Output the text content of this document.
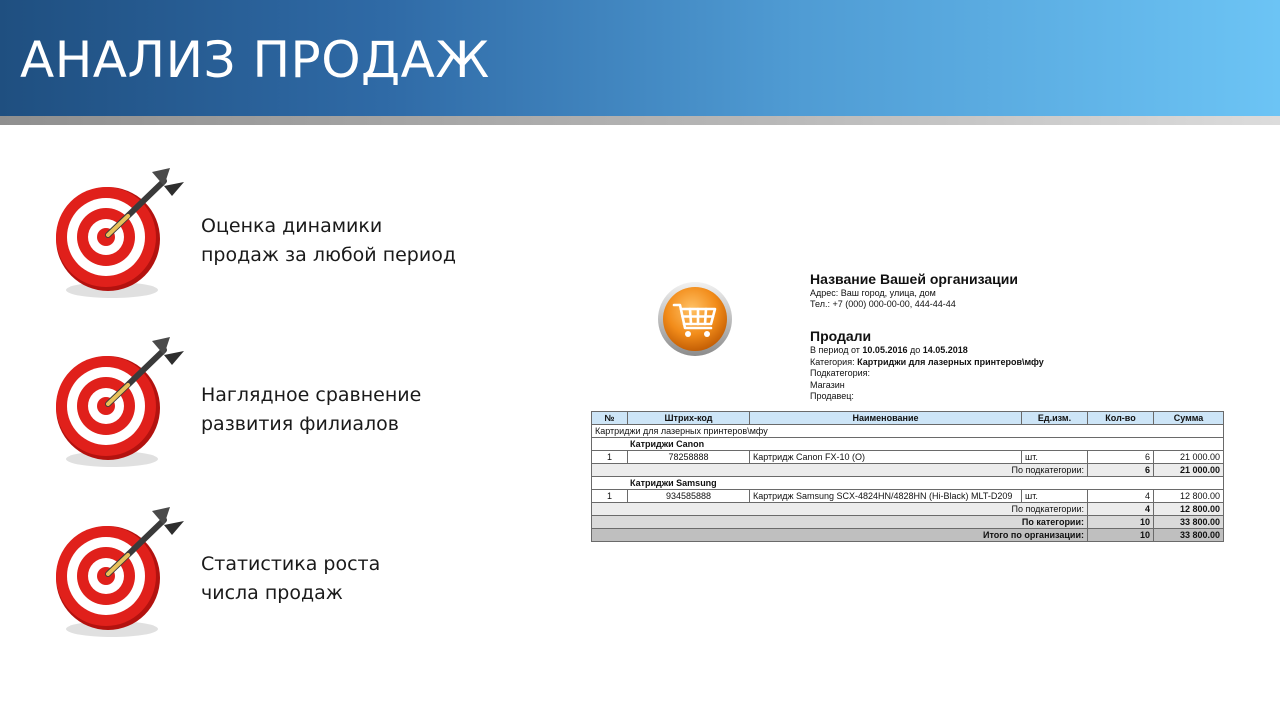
АНАЛИЗ ПРОДАЖ
Оценка динамики
продаж за любой период
Наглядное сравнение
развития филиалов
Статистика роста
числа продаж
Название Вашей организации
Адрес: Ваш город, улица, дом
Тел.: +7 (000) 000-00-00, 444-44-44
Продали
В период от 10.05.2016 до 14.05.2018
Категория: Картриджи для лазерных принтеров\мфу
Подкатегория:
Магазин
Продавец:
№	Штрих-код	Наименование	Ед.изм.	Кол-во	Сумма
Картриджи для лазерных принтеров\мфу					
Катриджи Canon					
1	78258888	Картридж Canon FX-10 (O)	шт.	6	21 000.00
По подкатегории:				6	21 000.00
Катриджи Samsung					
1	934585888	Картридж Samsung SCX-4824HN/4828HN (Hi-Black) MLT-D209	шт.	4	12 800.00
По подкатегории:				4	12 800.00
По категории:				10	33 800.00
Итого по организации:				10	33 800.00
